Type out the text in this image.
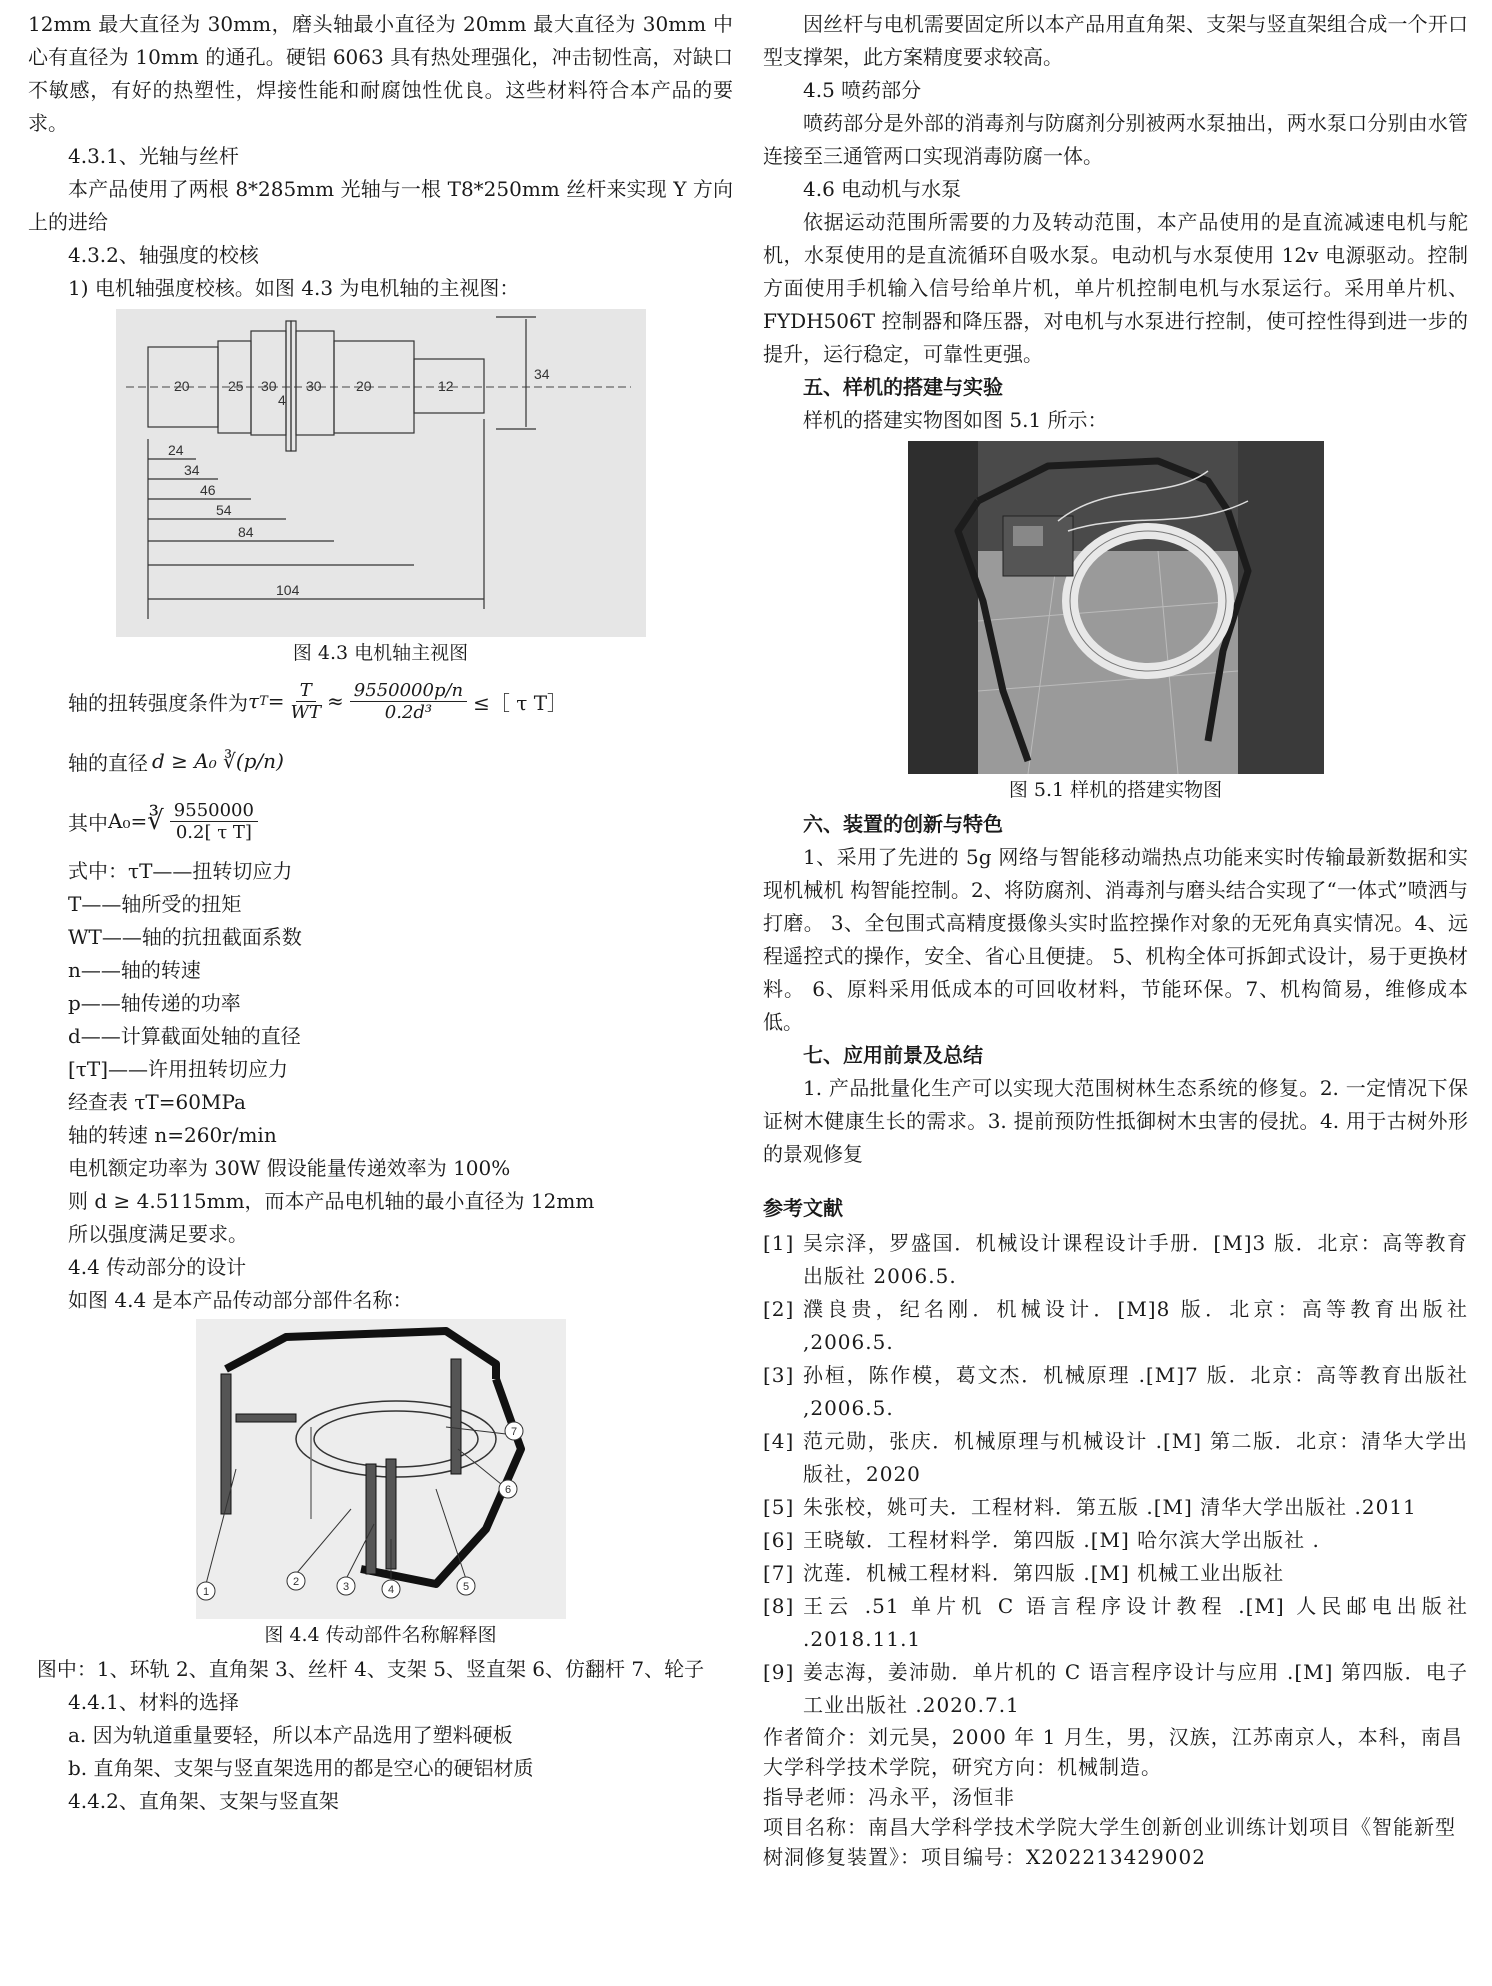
12mm 最大直径为 30mm，磨头轴最小直径为 20mm 最大直径为 30mm 中心有直径为 10mm 的通孔。硬铝 6063 具有热处理强化，冲击韧性高，对缺口不敏感，有好的热塑性，焊接性能和耐腐蚀性优良。这些材料符合本产品的要求。

4.3.1、光轴与丝杆

本产品使用了两根 8*285mm 光轴与一根 T8*250mm 丝杆来实现 Y 方向上的进给

4.3.2、轴强度的校核

1) 电机轴强度校核。如图 4.3 为电机轴的主视图：

20	25 30 30 20	12
4
34
24
34
46
54
84
104
图 4.3 电机轴主视图
轴的扭转强度条件为 τ $T = \frac{T}{WT} \approx \frac{9550000p/n}{\text{0.2d³}}$ ≤［ τ T］
轴的直径 d ≥ A₀ ∛(p/n)
其中 A₀= ∛ $\frac{9550000}{\text{0.2[ τ T]}}$

式中：τT——扭转切应力

T——轴所受的扭矩

WT——轴的抗扭截面系数

n——轴的转速

p——轴传递的功率

d——计算截面处轴的直径

[τT]——许用扭转切应力

经查表 τT=60MPa

轴的转速 n=260r/min

电机额定功率为 30W 假设能量传递效率为 100%

则 d ≥ 4.5115mm，而本产品电机轴的最小直径为 12mm

所以强度满足要求。

4.4 传动部分的设计

如图 4.4 是本产品传动部分部件名称：

1
2	3	4	5
6
7
图 4.4 传动部件名称解释图

图中：1、环轨 2、直角架 3、丝杆 4、支架 5、竖直架 6、仿翻杆 7、轮子

4.4.1、材料的选择

a. 因为轨道重量要轻，所以本产品选用了塑料硬板

b. 直角架、支架与竖直架选用的都是空心的硬铝材质

4.4.2、直角架、支架与竖直架

因丝杆与电机需要固定所以本产品用直角架、支架与竖直架组合成一个开口型支撑架，此方案精度要求较高。

4.5 喷药部分

喷药部分是外部的消毒剂与防腐剂分别被两水泵抽出，两水泵口分别由水管连接至三通管两口实现消毒防腐一体。

4.6 电动机与水泵

依据运动范围所需要的力及转动范围，本产品使用的是直流减速电机与舵机，水泵使用的是直流循环自吸水泵。电动机与水泵使用 12v 电源驱动。控制方面使用手机输入信号给单片机，单片机控制电机与水泵运行。采用单片机、FYDH506T 控制器和降压器，对电机与水泵进行控制，使可控性得到进一步的提升，运行稳定，可靠性更强。

五、样机的搭建与实验

样机的搭建实物图如图 5.1 所示：

图 5.1 样机的搭建实物图

六、装置的创新与特色

1、采用了先进的 5g 网络与智能移动端热点功能来实时传输最新数据和实现机械机 构智能控制。2、将防腐剂、消毒剂与磨头结合实现了“一体式”喷洒与打磨。 3、全包围式高精度摄像头实时监控操作对象的无死角真实情况。4、远程遥控式的操作，安全、省心且便捷。 5、机构全体可拆卸式设计，易于更换材料。 6、原料采用低成本的可回收材料，节能环保。7、机构简易，维修成本低。

七、应用前景及总结

1. 产品批量化生产可以实现大范围树林生态系统的修复。2. 一定情况下保证树木健康生长的需求。3. 提前预防性抵御树木虫害的侵扰。4. 用于古树外形的景观修复

参考文献
[1] 吴宗泽，罗盛国．机械设计课程设计手册．[M]3 版．北京：高等教育出版社 2006.5.
[2] 濮良贵，纪名刚．机械设计．[M]8 版．北京：高等教育出版社 ,2006.5.
[3] 孙桓，陈作模，葛文杰．机械原理 .[M]7 版．北京：高等教育出版社 ,2006.5.
[4] 范元勋，张庆．机械原理与机械设计 .[M] 第二版．北京：清华大学出版社，2020
[5] 朱张校，姚可夫．工程材料．第五版 .[M] 清华大学出版社 .2011
[6] 王晓敏．工程材料学．第四版 .[M] 哈尔滨大学出版社 .
[7] 沈莲．机械工程材料．第四版 .[M] 机械工业出版社
[8] 王云 .51 单片机 C 语言程序设计教程 .[M] 人民邮电出版社 .2018.11.1
[9] 姜志海，姜沛勋．单片机的 C 语言程序设计与应用 .[M] 第四版．电子工业出版社 .2020.7.1

作者简介：刘元昊，2000 年 1 月生，男，汉族，江苏南京人，本科，南昌大学科学技术学院，研究方向：机械制造。

指导老师：冯永平，汤恒非

项目名称：南昌大学科学技术学院大学生创新创业训练计划项目《智能新型树洞修复装置》：项目编号：X202213429002
